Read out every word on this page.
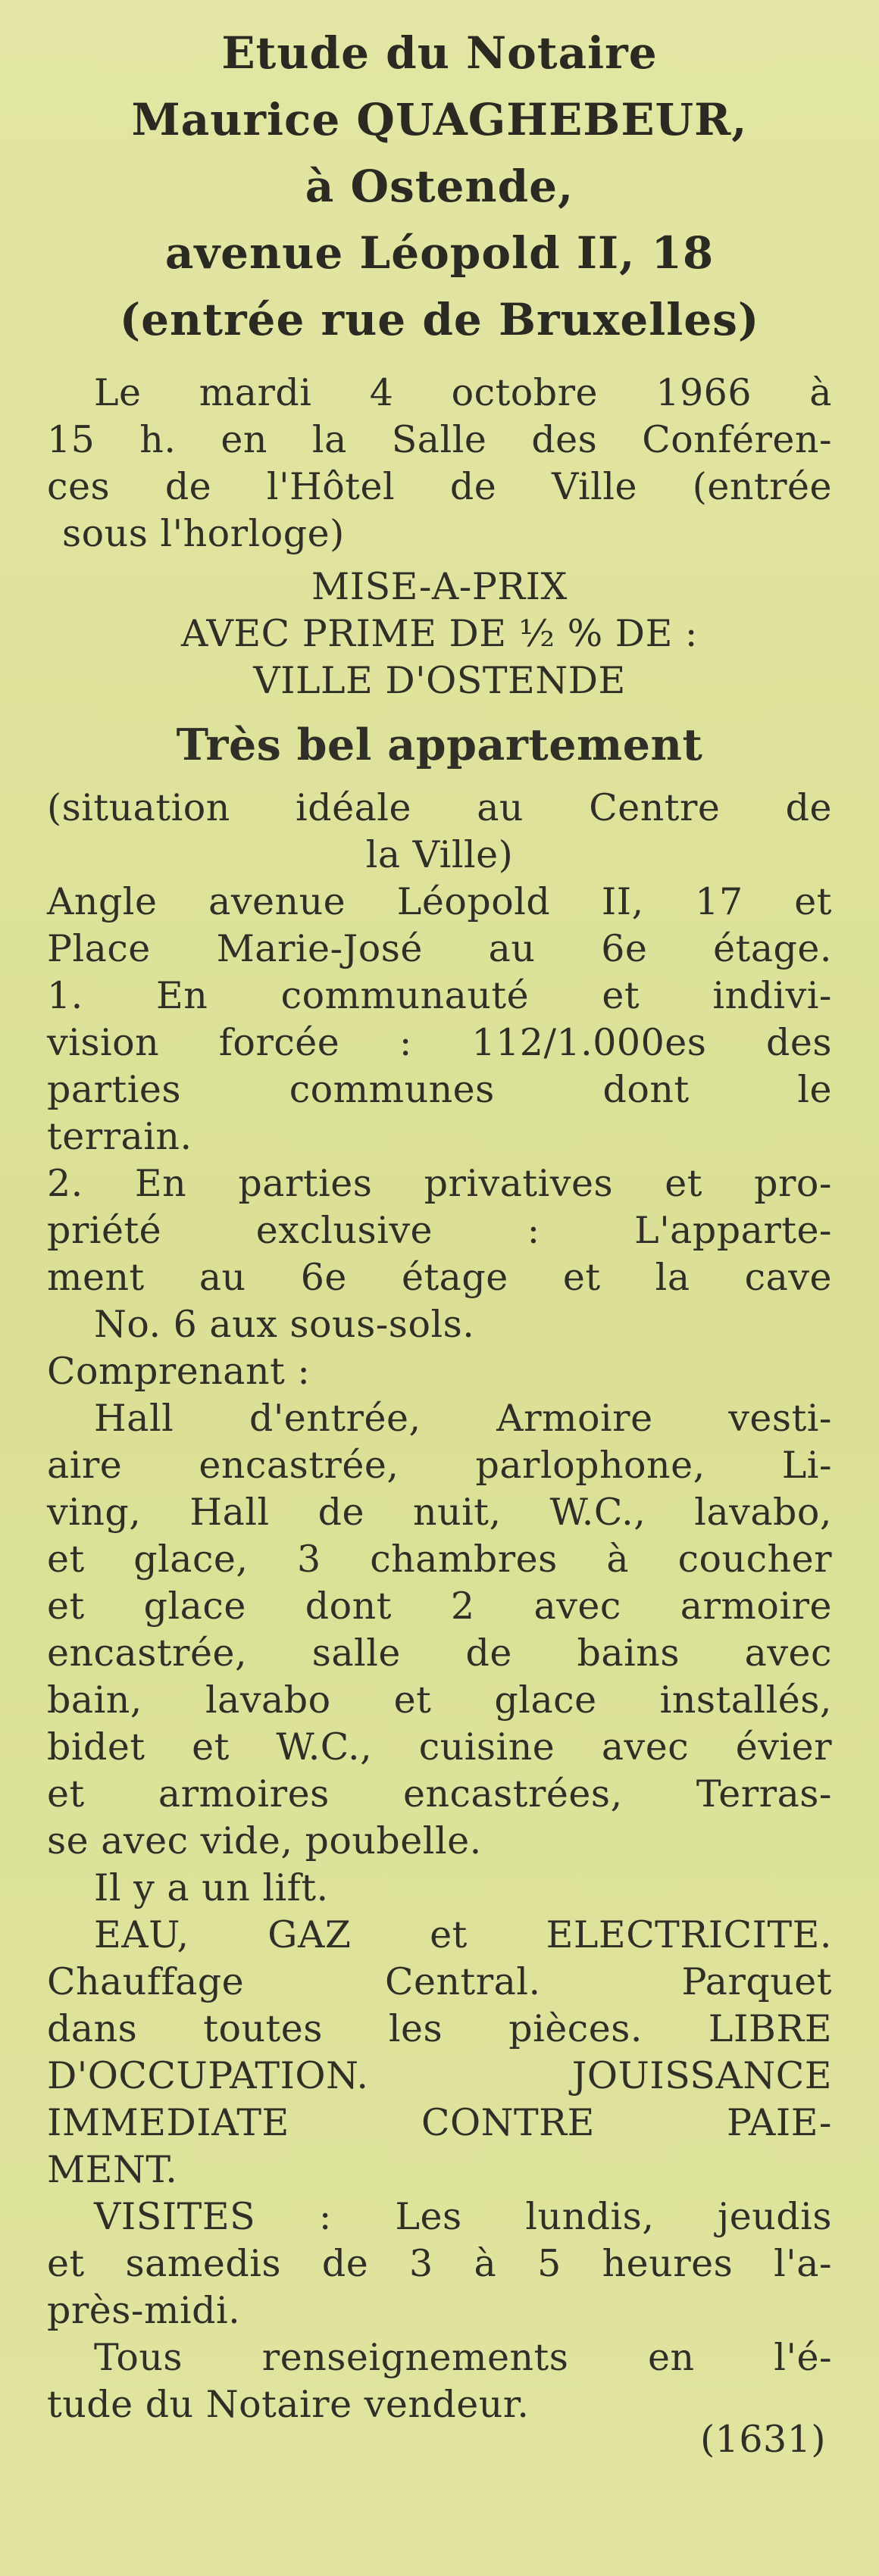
Etude du Notaire
Maurice QUAGHEBEUR,
à Ostende,
avenue Léopold II, 18
(entrée rue de Bruxelles)
Le mardi 4 octobre 1966 à
15 h. en la Salle des Conféren-
ces de l'Hôtel de Ville (entrée
sous l'horloge)
MISE-A-PRIX
AVEC PRIME DE ½ % DE :
VILLE D'OSTENDE
Très bel appartement
(situation idéale au Centre de
la Ville)
Angle avenue Léopold II, 17 et
Place Marie-José au 6e étage.
1. En communauté et indivi-
vision forcée : 112/1.000es des
parties communes dont le
terrain.
2. En parties privatives et pro-
priété exclusive : L'apparte-
ment au 6e étage et la cave
No. 6 aux sous-sols.
Comprenant :
Hall d'entrée, Armoire vesti-
aire encastrée, parlophone, Li-
ving, Hall de nuit, W.C., lavabo,
et glace, 3 chambres à coucher
et glace dont 2 avec armoire
encastrée, salle de bains avec
bain, lavabo et glace installés,
bidet et W.C., cuisine avec évier
et armoires encastrées, Terras-
se avec vide, poubelle.
Il y a un lift.
EAU, GAZ et ELECTRICITE.
Chauffage Central. Parquet
dans toutes les pièces. LIBRE
D'OCCUPATION. JOUISSANCE
IMMEDIATE CONTRE PAIE-
MENT.
VISITES : Les lundis, jeudis
et samedis de 3 à 5 heures l'a-
près-midi.
Tous renseignements en l'é-
tude du Notaire vendeur.
(1631)
